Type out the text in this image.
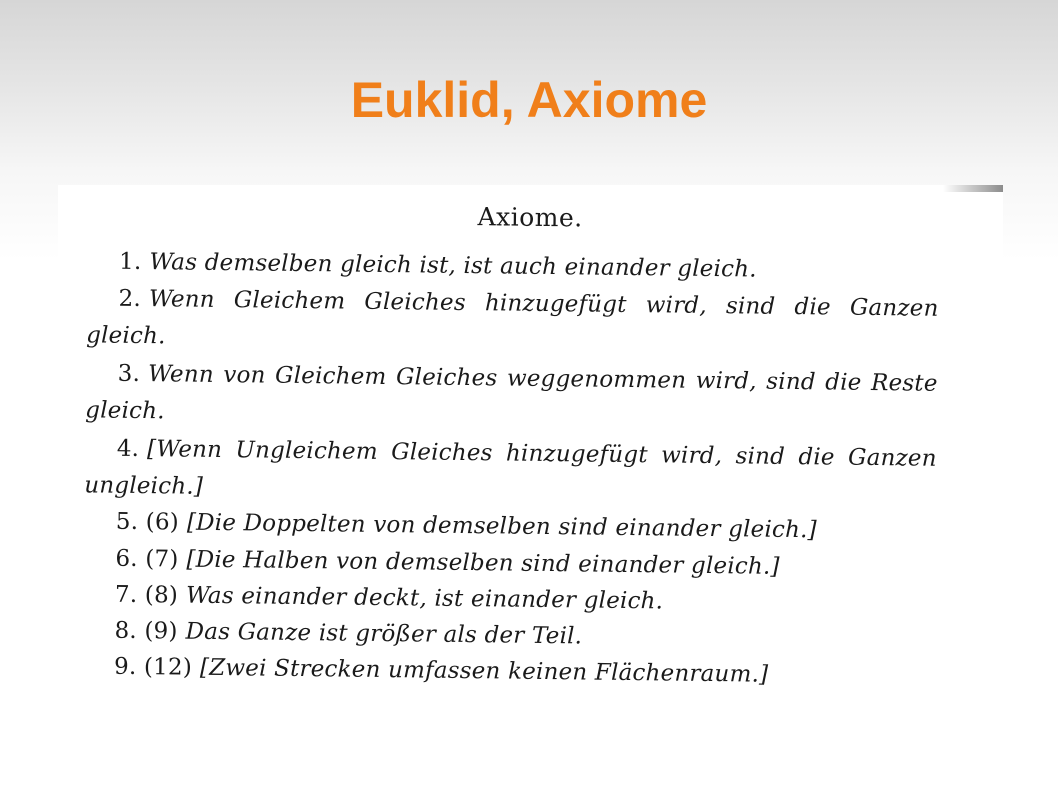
Euklid, Axiome
Axiome.
1. Was demselben gleich ist, ist auch einander gleich.
2. Wenn Gleichem Gleiches hinzugefügt wird, sind die Ganzen gleich.
3. Wenn von Gleichem Gleiches weggenommen wird, sind die Reste gleich.
4. [Wenn Ungleichem Gleiches hinzugefügt wird, sind die Ganzen ungleich.]
5. (6) [Die Doppelten von demselben sind einander gleich.]
6. (7) [Die Halben von demselben sind einander gleich.]
7. (8) Was einander deckt, ist einander gleich.
8. (9) Das Ganze ist größer als der Teil.
9. (12) [Zwei Strecken umfassen keinen Flächenraum.]
